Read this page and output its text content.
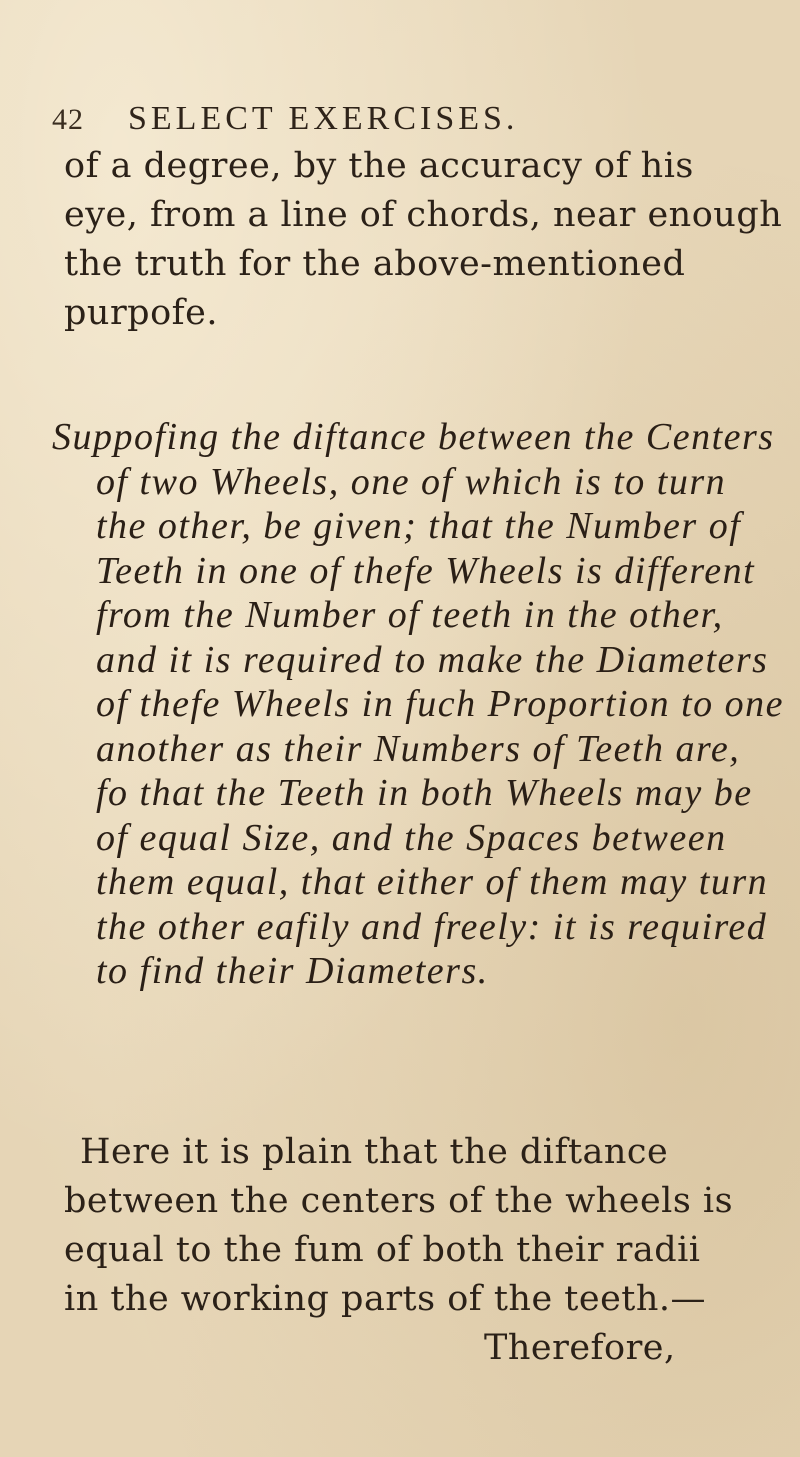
42 SELECT EXERCISES.
of a degree, by the accuracy of his
eye, from a line of chords, near enough
the truth for the above-mentioned
purpofe.
Suppofing the diftance between the Centers
of two Wheels, one of which is to turn
the other, be given; that the Number of
Teeth in one of thefe Wheels is different
from the Number of teeth in the other,
and it is required to make the Diameters
of thefe Wheels in fuch Proportion to one
another as their Numbers of Teeth are,
fo that the Teeth in both Wheels may be
of equal Size, and the Spaces between
them equal, that either of them may turn
the other eafily and freely: it is required
to find their Diameters.
Here it is plain that the diftance
between the centers of the wheels is
equal to the fum of both their radii
in the working parts of the teeth.—
Therefore,
